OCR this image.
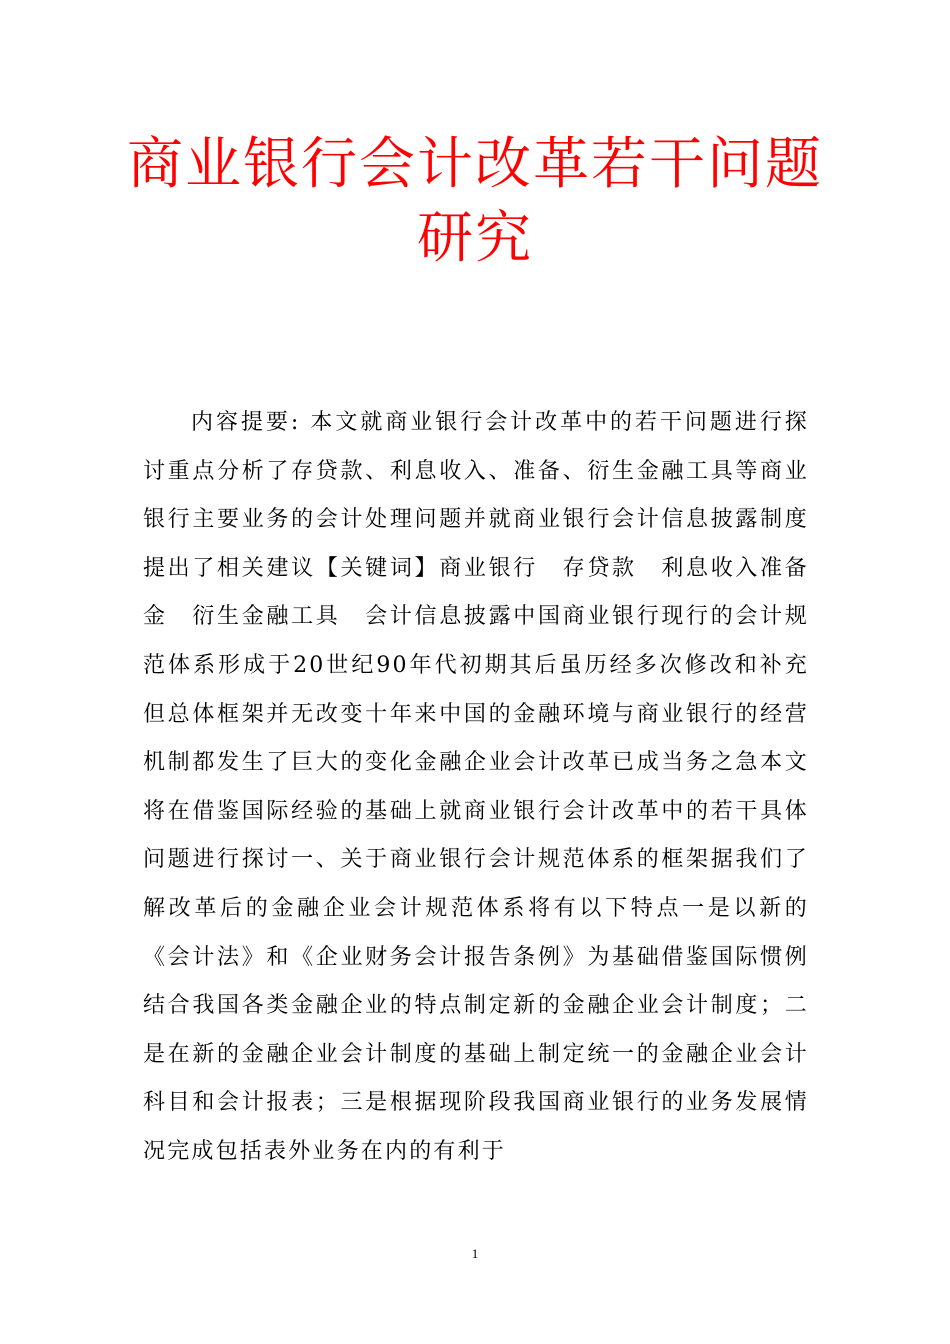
商业银行会计改革若干问题研究

内容提要: 本文就商业银行会计改革中的若干问题进行探讨重点分析了存贷款、利息收入、准备、衍生金融工具等商业银行主要业务的会计处理问题并就商业银行会计信息披露制度提出了相关建议【关键词】商业银行　存贷款　利息收入准备金　衍生金融工具　会计信息披露中国商业银行现行的会计规范体系形成于20世纪90年代初期其后虽历经多次修改和补充但总体框架并无改变十年来中国的金融环境与商业银行的经营机制都发生了巨大的变化金融企业会计改革已成当务之急本文将在借鉴国际经验的基础上就商业银行会计改革中的若干具体问题进行探讨一、关于商业银行会计规范体系的框架据我们了解改革后的金融企业会计规范体系将有以下特点一是以新的《会计法》和《企业财务会计报告条例》为基础借鉴国际惯例结合我国各类金融企业的特点制定新的金融企业会计制度；二是在新的金融企业会计制度的基础上制定统一的金融企业会计科目和会计报表；三是根据现阶段我国商业银行的业务发展情况完成包括表外业务在内的有利于

1
